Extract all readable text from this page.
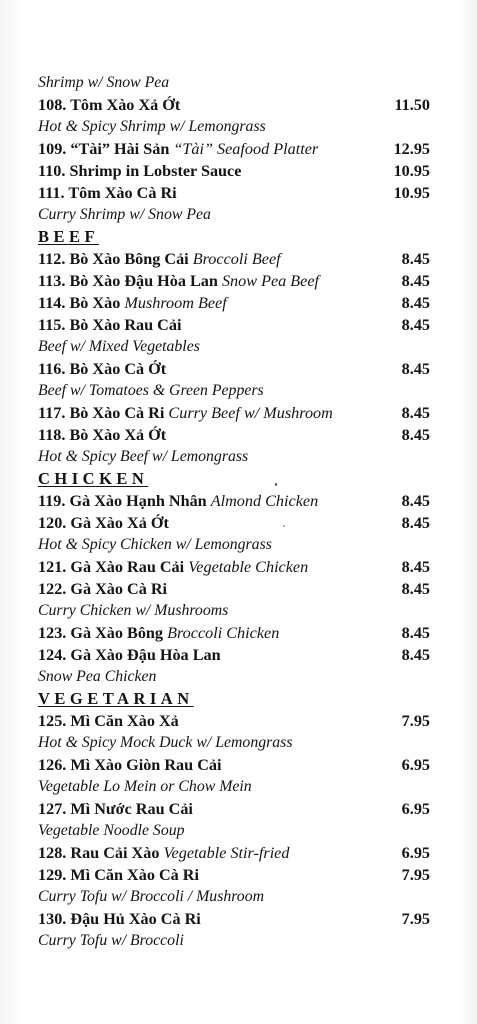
Shrimp w/ Snow Pea
108. Tôm Xào Xả Ớt	11.50
Hot & Spicy Shrimp w/ Lemongrass
109. “Tài” Hài Sản “Tài” Seafood Platter	12.95
110. Shrimp in Lobster Sauce	10.95
111. Tôm Xào Cà Ri	10.95
Curry Shrimp w/ Snow Pea
BEEF
112. Bò Xào Bông Cải Broccoli Beef	8.45
113. Bò Xào Đậu Hòa Lan Snow Pea Beef	8.45
114. Bò Xào Mushroom Beef	8.45
115. Bò Xào Rau Cải	8.45
Beef w/ Mixed Vegetables
116. Bò Xào Cà Ớt	8.45
Beef w/ Tomatoes & Green Peppers
117. Bò Xào Cà Ri Curry Beef w/ Mushroom	8.45
118. Bò Xào Xả Ớt	8.45
Hot & Spicy Beef w/ Lemongrass
CHICKEN
119. Gà Xào Hạnh Nhân Almond Chicken	8.45
120. Gà Xào Xả Ớt	8.45
Hot & Spicy Chicken w/ Lemongrass
121. Gà Xào Rau Cải Vegetable Chicken	8.45
122. Gà Xào Cà Ri	8.45
Curry Chicken w/ Mushrooms
123. Gà Xào Bông Broccoli Chicken	8.45
124. Gà Xào Đậu Hòa Lan	8.45
Snow Pea Chicken
VEGETARIAN
125. Mì Căn Xào Xả	7.95
Hot & Spicy Mock Duck w/ Lemongrass
126. Mì Xào Giòn Rau Cải	6.95
Vegetable Lo Mein or Chow Mein
127. Mì Nước Rau Cải	6.95
Vegetable Noodle Soup
128. Rau Cải Xào Vegetable Stir-fried	6.95
129. Mì Căn Xào Cà Ri	7.95
Curry Tofu w/ Broccoli / Mushroom
130. Đậu Hủ Xào Cà Ri	7.95
Curry Tofu w/ Broccoli
